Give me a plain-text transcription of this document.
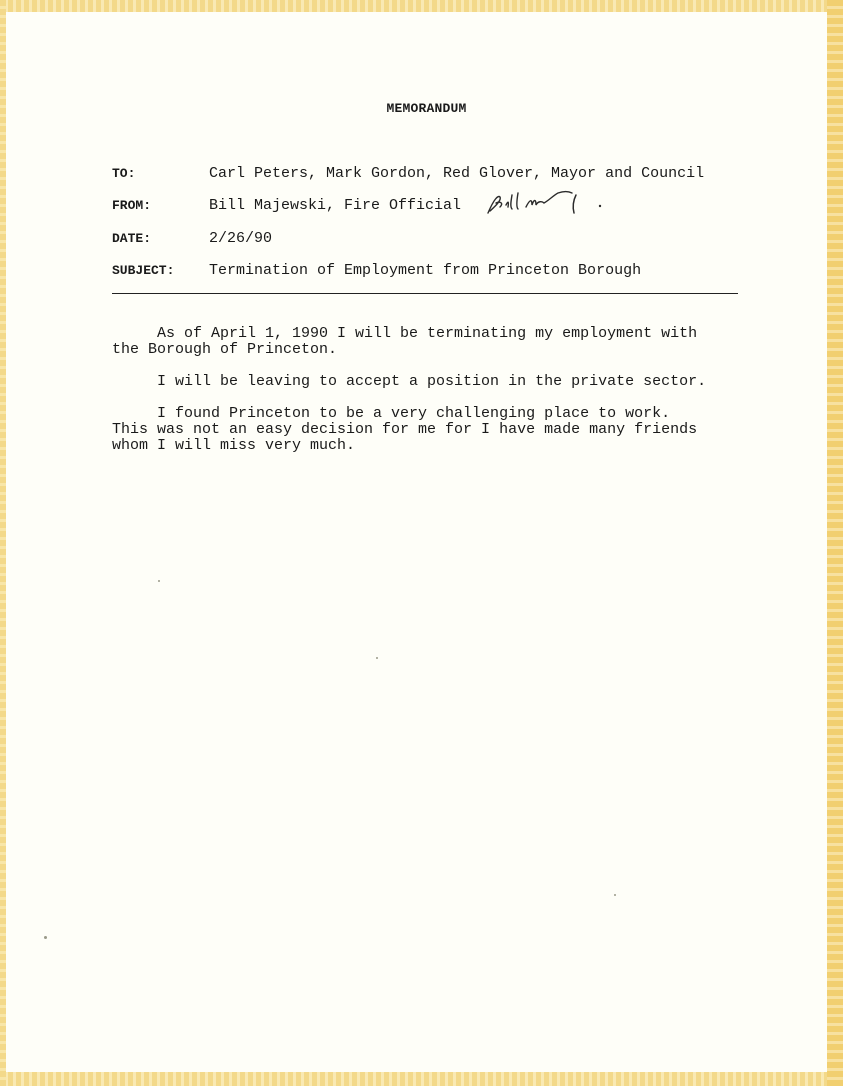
MEMORANDUM
TO:	Carl Peters, Mark Gordon, Red Glover, Mayor and Council
FROM:	Bill Majewski, Fire Official
DATE:	2/26/90
SUBJECT: Termination of Employment from Princeton Borough
As of April 1, 1990 I will be terminating my employment with
the Borough of Princeton.
I will be leaving to accept a position in the private sector.
I found Princeton to be a very challenging place to work.
This was not an easy decision for me for I have made many friends
whom I will miss very much.
